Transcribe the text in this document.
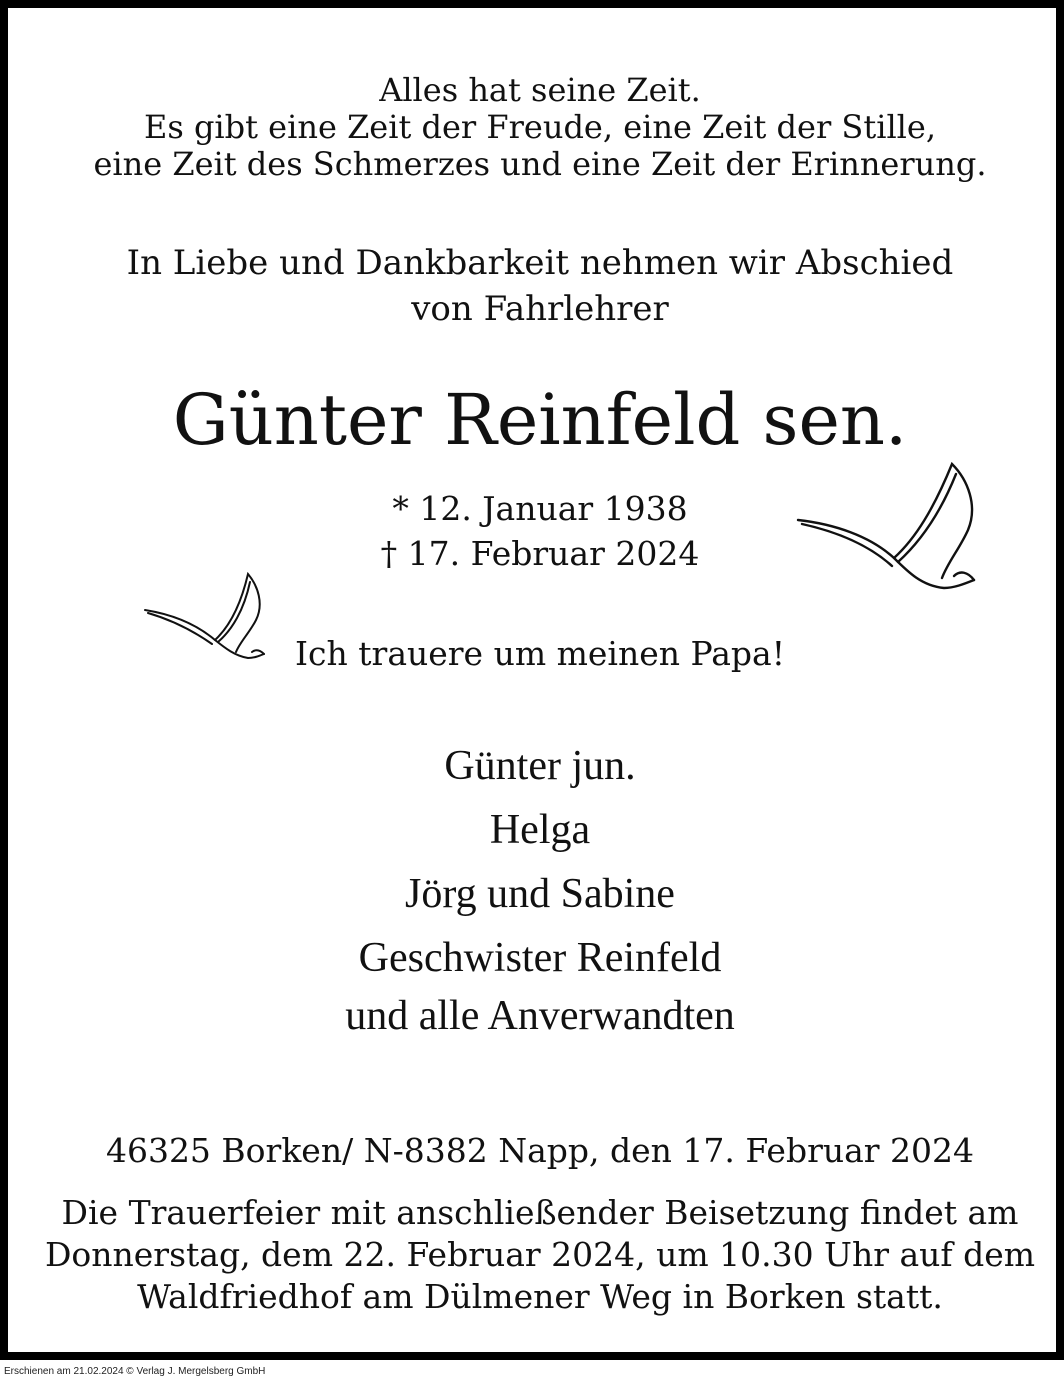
Alles hat seine Zeit.
Es gibt eine Zeit der Freude, eine Zeit der Stille,
eine Zeit des Schmerzes und eine Zeit der Erinnerung.

In Liebe und Dankbarkeit nehmen wir Abschied
von Fahrlehrer

Günter Reinfeld sen.

* 12. Januar 1938
† 17. Februar 2024

Ich trauere um meinen Papa!

Günter jun.
Helga
Jörg und Sabine
Geschwister Reinfeld
und alle Anverwandten

46325 Borken/ N-8382 Napp, den 17. Februar 2024

Die Trauerfeier mit anschließender Beisetzung findet am
Donnerstag, dem 22. Februar 2024, um 10.30 Uhr auf dem
Waldfriedhof am Dülmener Weg in Borken statt.

Erschienen am 21.02.2024 © Verlag J. Mergelsberg GmbH
